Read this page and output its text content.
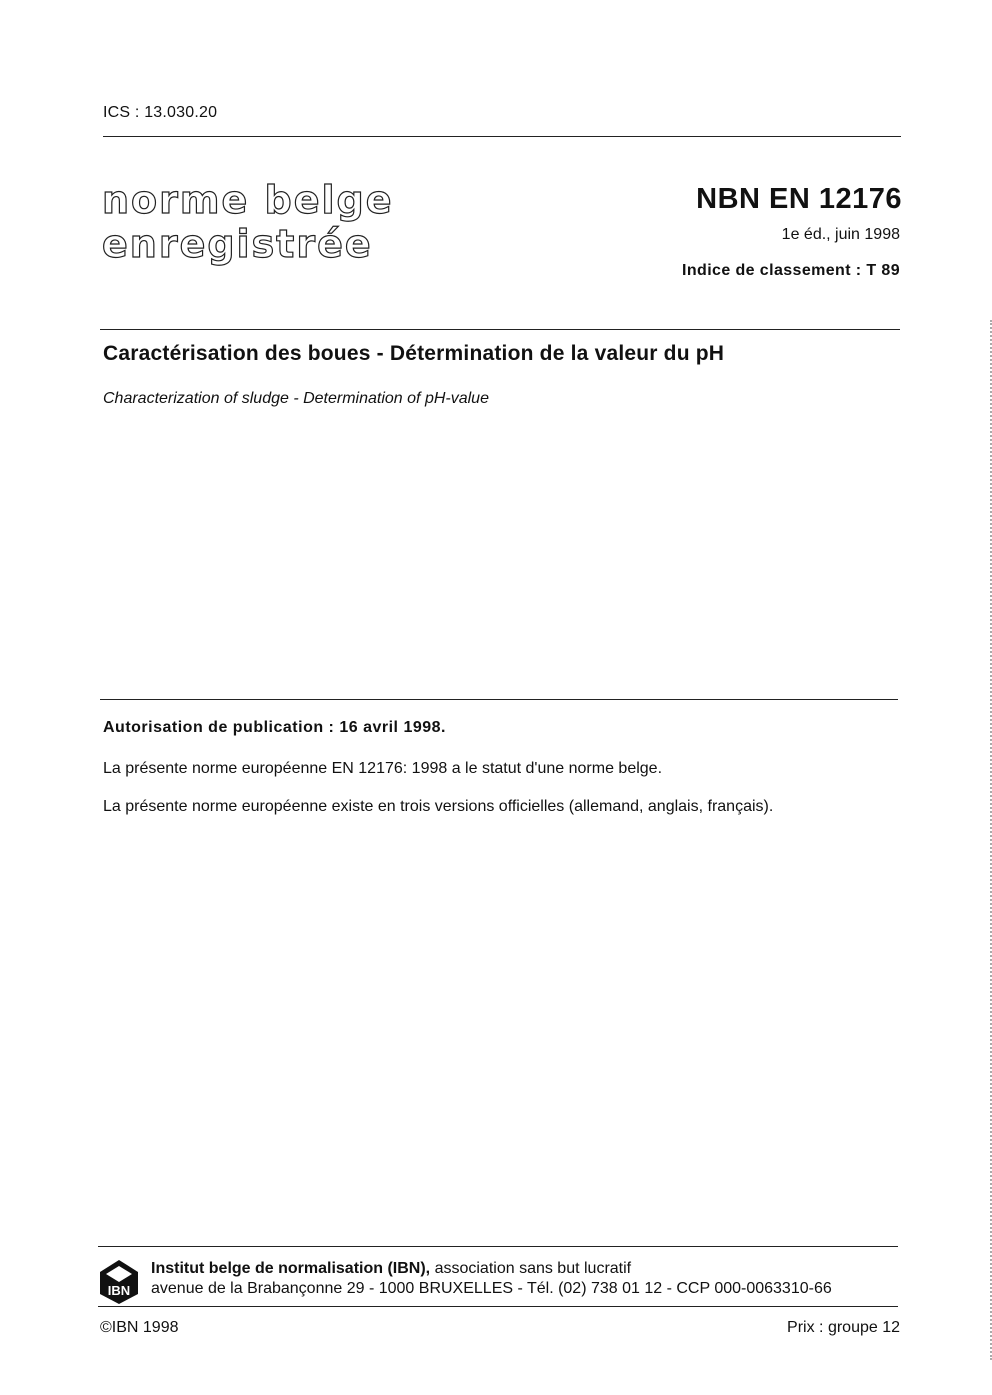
ICS : 13.030.20
norme belge
enregistrée
NBN EN 12176
1e éd., juin 1998
Indice de classement : T 89
Caractérisation des boues - Détermination de la valeur du pH
Characterization of sludge - Determination of pH-value
Autorisation de publication : 16 avril 1998.
La présente norme européenne EN 12176: 1998 a le statut d'une norme belge.
La présente norme européenne existe en trois versions officielles (allemand, anglais, français).
IBN
Institut belge de normalisation (IBN), association sans but lucratif
avenue de la Brabançonne 29 - 1000 BRUXELLES - Tél. (02) 738 01 12 - CCP 000-0063310-66
©IBN 1998	Prix : groupe 12
